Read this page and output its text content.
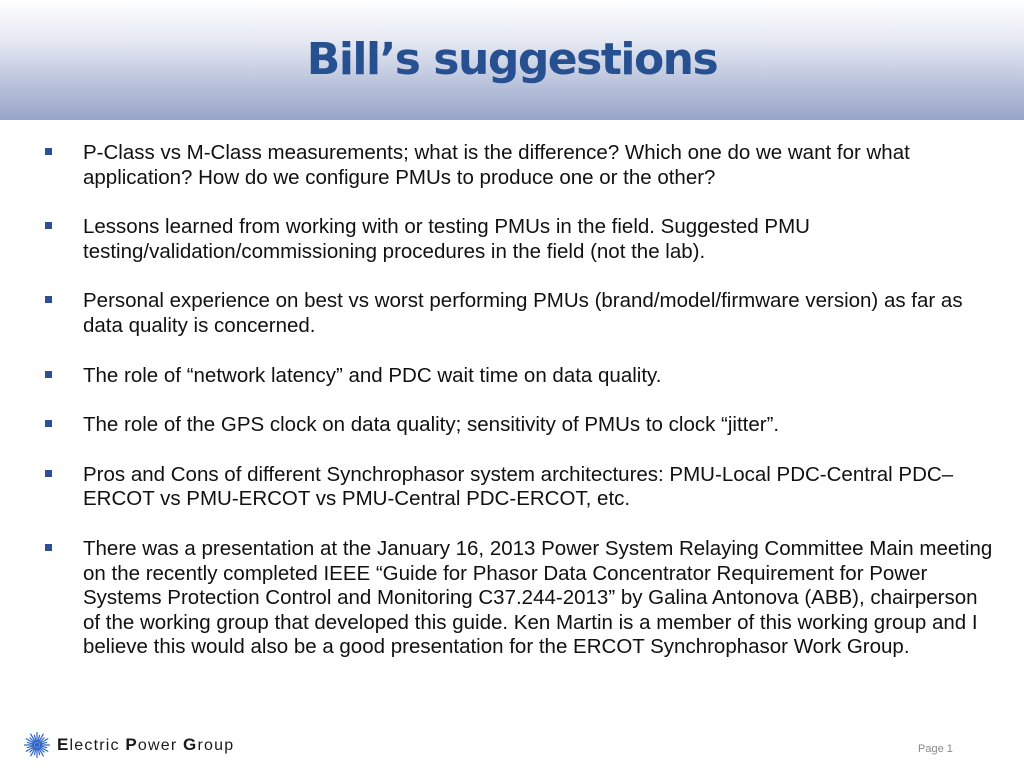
Bill’s suggestions
P-Class vs M-Class measurements; what is the difference? Which one do we want for what application? How do we configure PMUs to produce one or the other?
Lessons learned from working with or testing PMUs in the field. Suggested PMU testing/validation/commissioning procedures in the field (not the lab).
Personal experience on best vs worst performing PMUs (brand/model/firmware version) as far as data quality is concerned.
The role of “network latency” and PDC wait time on data quality.
The role of the GPS clock on data quality; sensitivity of PMUs to clock “jitter”.
Pros and Cons of different Synchrophasor system architectures: PMU-Local PDC-Central PDC–ERCOT vs PMU-ERCOT vs PMU-Central PDC-ERCOT, etc.
There was a presentation at the January 16, 2013 Power System Relaying Committee Main meeting on the recently completed IEEE “Guide for Phasor Data Concentrator Requirement for Power Systems Protection Control and Monitoring C37.244-2013” by Galina Antonova (ABB), chairperson of the working group that developed this guide. Ken Martin is a member of this working group and I believe this would also be a good presentation for the ERCOT Synchrophasor Work Group.
Electric Power Group	Page 1
